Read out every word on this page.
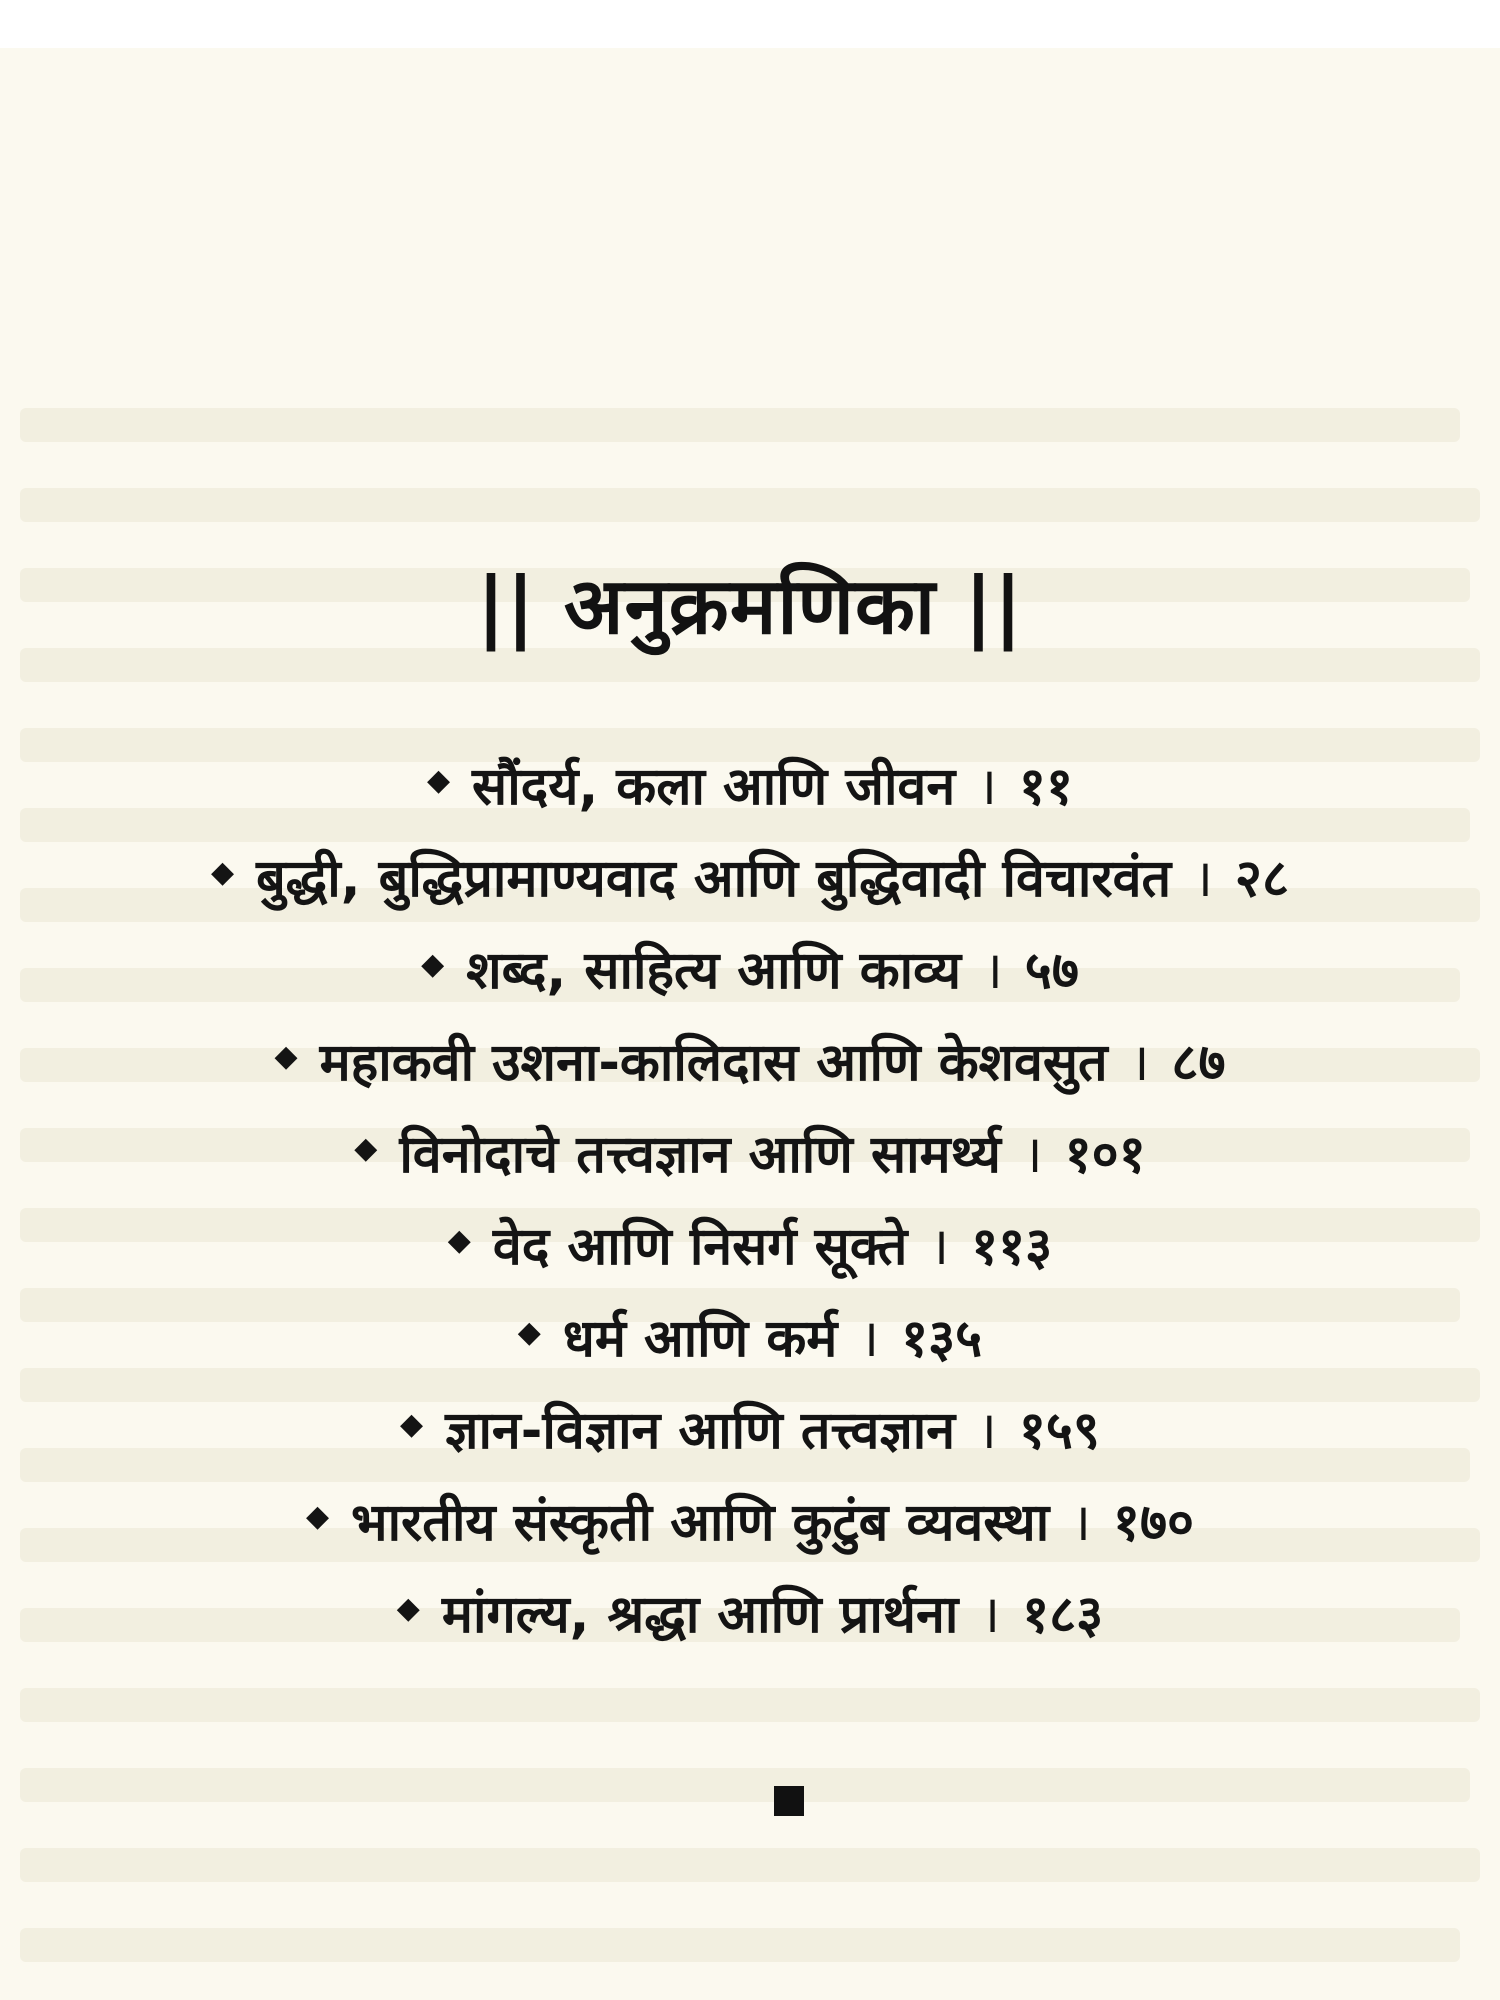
|| अनुक्रमणिका ||
◆ सौंदर्य, कला आणि जीवन । ११
◆ बुद्धी, बुद्धिप्रामाण्यवाद आणि बुद्धिवादी विचारवंत । २८
◆ शब्द, साहित्य आणि काव्य । ५७
◆ महाकवी उशना-कालिदास आणि केशवसुत । ८७
◆ विनोदाचे तत्त्वज्ञान आणि सामर्थ्य । १०१
◆ वेद आणि निसर्ग सूक्ते । ११३
◆ धर्म आणि कर्म । १३५
◆ ज्ञान-विज्ञान आणि तत्त्वज्ञान । १५९
◆ भारतीय संस्कृती आणि कुटुंब व्यवस्था । १७०
◆ मांगल्य, श्रद्धा आणि प्रार्थना । १८३
